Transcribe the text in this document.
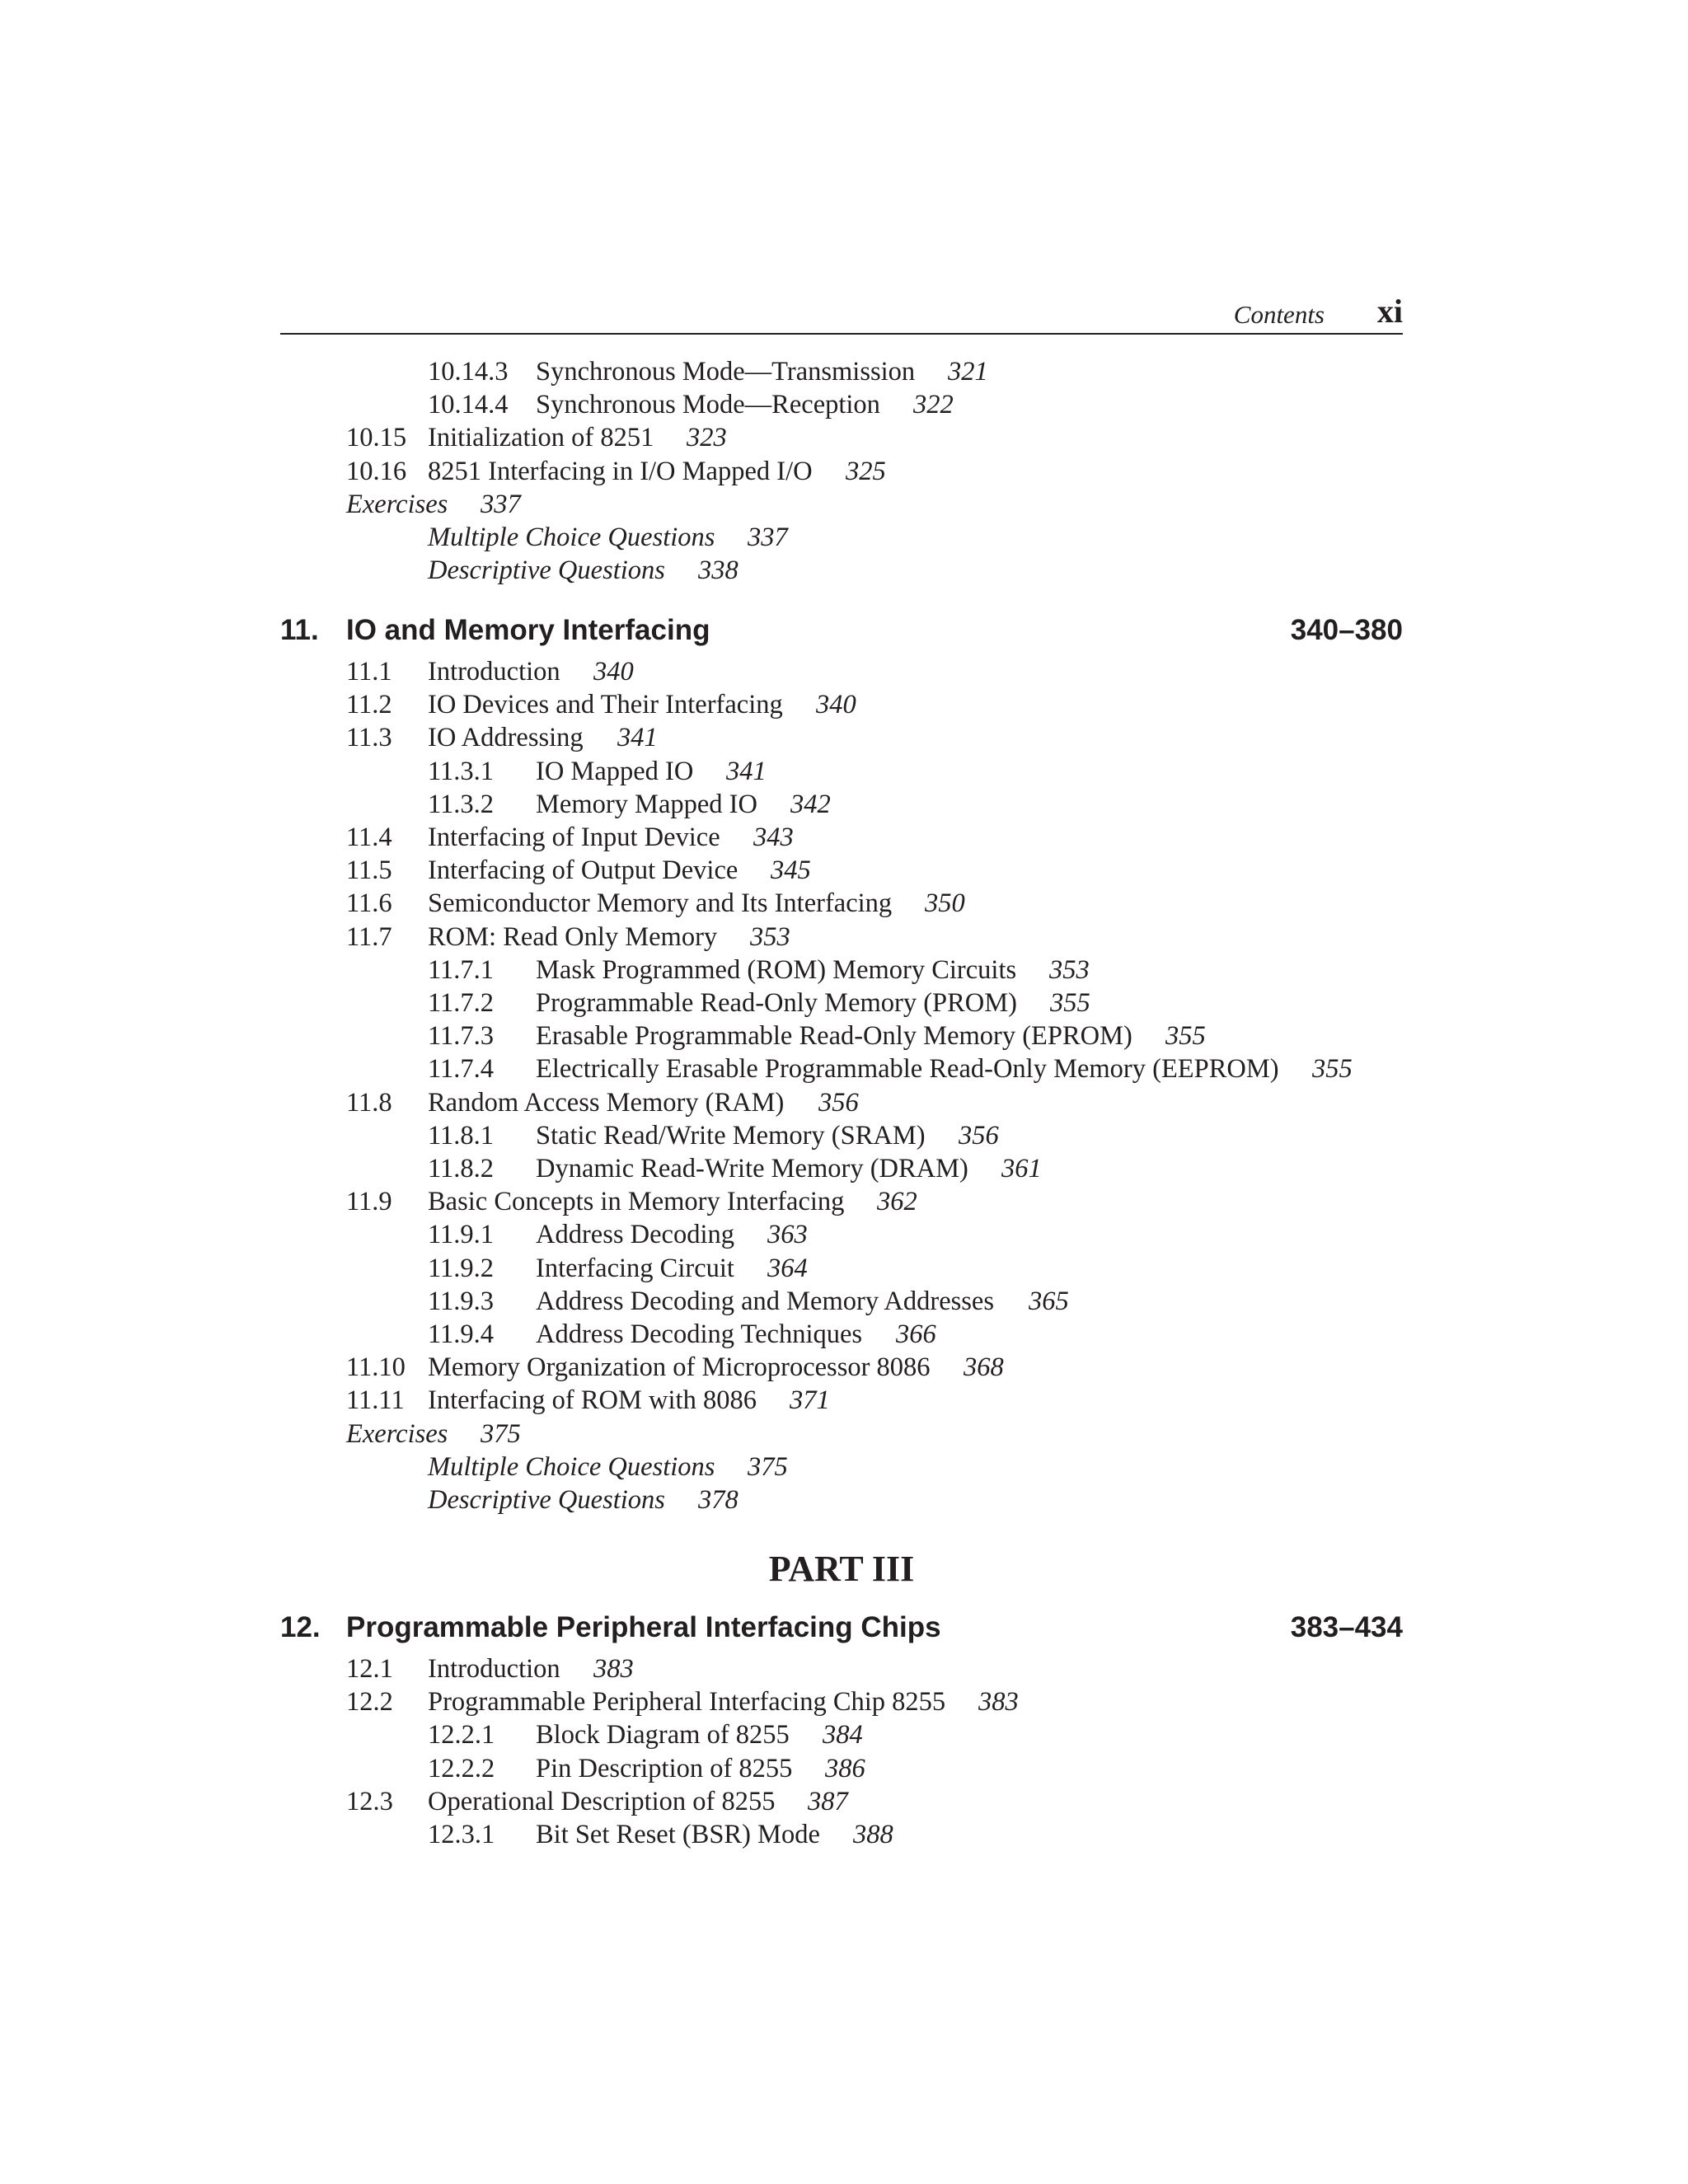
Contents xi
11. IO and Memory Interfacing	340–380
PART III
12. Programmable Peripheral Interfacing Chips	383–434
10.14.3 Synchronous Mode—Transmission 321
10.14.4 Synchronous Mode—Reception 322
10.15 Initialization of 8251 323
10.16 8251 Interfacing in I/O Mapped I/O 325
Exercises 337
Multiple Choice Questions 337
Descriptive Questions 338
11.1 Introduction 340
11.2 IO Devices and Their Interfacing 340
11.3 IO Addressing 341
11.3.1 IO Mapped IO 341
11.3.2 Memory Mapped IO 342
11.4 Interfacing of Input Device 343
11.5 Interfacing of Output Device 345
11.6 Semiconductor Memory and Its Interfacing 350
11.7 ROM: Read Only Memory 353
11.7.1 Mask Programmed (ROM) Memory Circuits 353
11.7.2 Programmable Read-Only Memory (PROM) 355
11.7.3 Erasable Programmable Read-Only Memory (EPROM) 355
11.7.4 Electrically Erasable Programmable Read-Only Memory (EEPROM) 355
11.8 Random Access Memory (RAM) 356
11.8.1 Static Read/Write Memory (SRAM) 356
11.8.2 Dynamic Read-Write Memory (DRAM) 361
11.9 Basic Concepts in Memory Interfacing 362
11.9.1 Address Decoding 363
11.9.2 Interfacing Circuit 364
11.9.3 Address Decoding and Memory Addresses 365
11.9.4 Address Decoding Techniques 366
11.10 Memory Organization of Microprocessor 8086 368
11.11 Interfacing of ROM with 8086 371
Exercises 375
Multiple Choice Questions 375
Descriptive Questions 378
12.1 Introduction 383
12.2 Programmable Peripheral Interfacing Chip 8255 383
12.2.1 Block Diagram of 8255 384
12.2.2 Pin Description of 8255 386
12.3 Operational Description of 8255 387
12.3.1 Bit Set Reset (BSR) Mode 388
